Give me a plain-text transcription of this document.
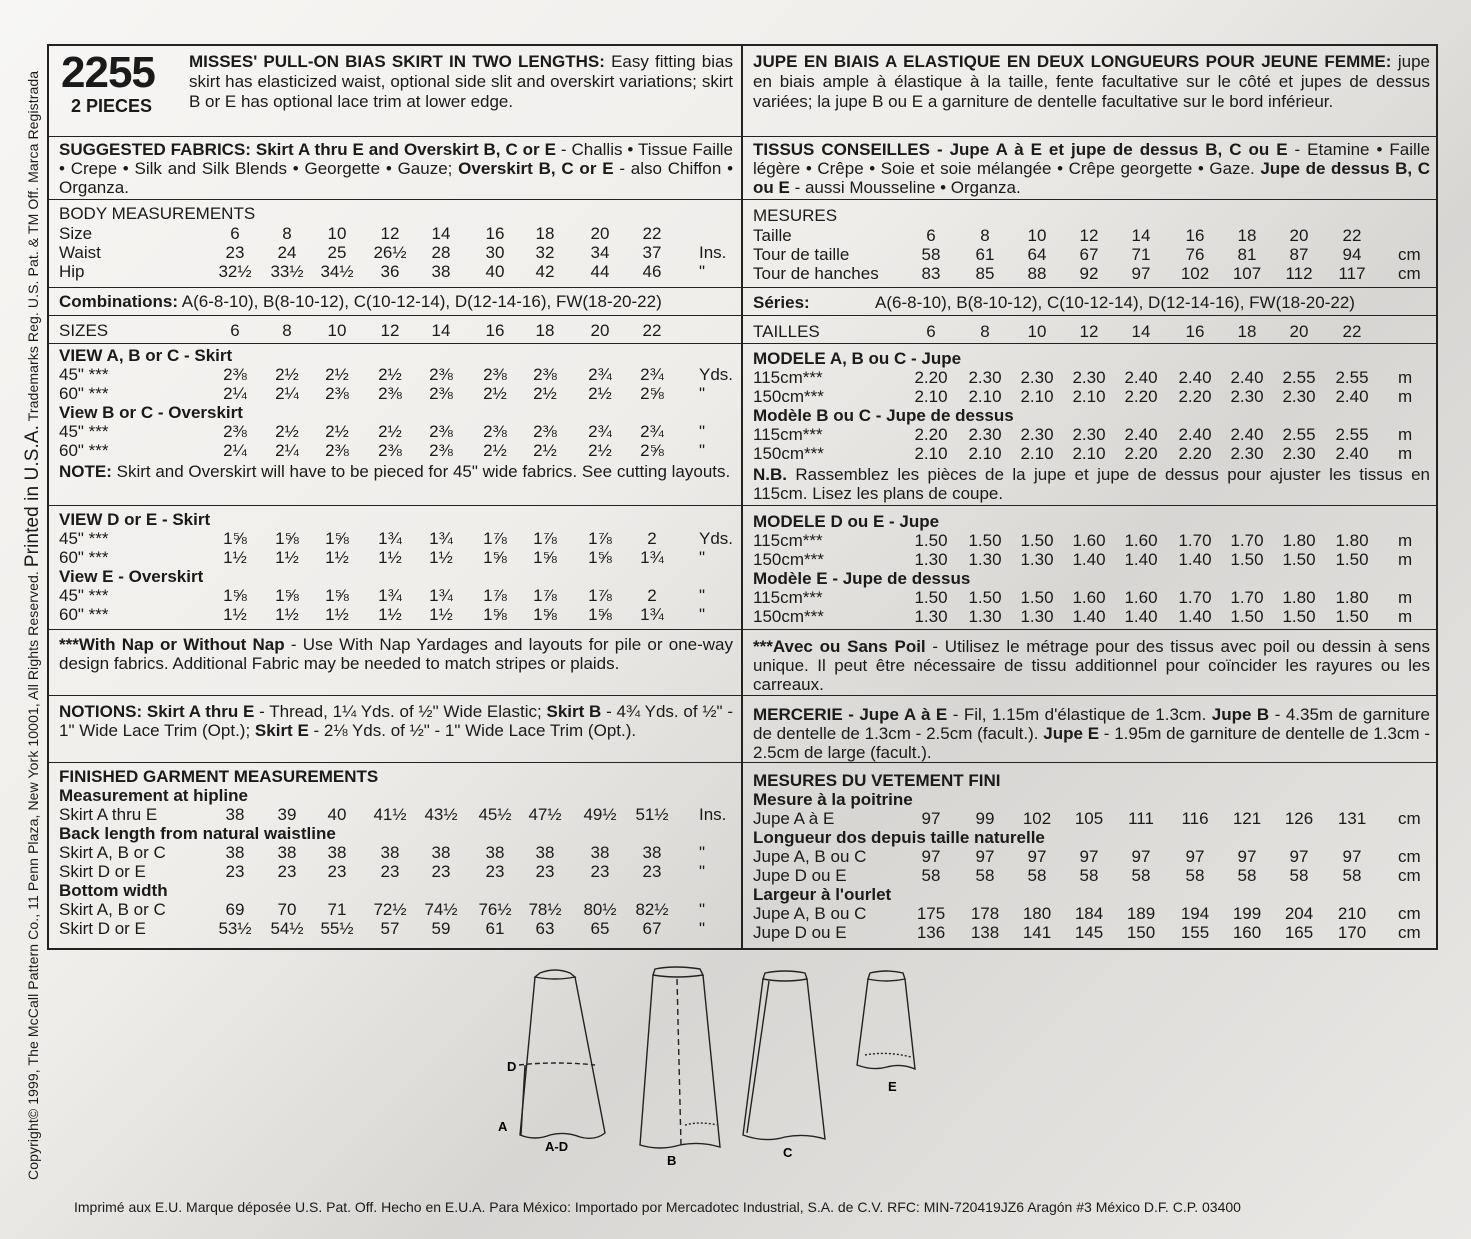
Copyright© 1999, The McCall Pattern Co., 11 Penn Plaza, New York 10001, All Rights Reserved. Printed in U.S.A. Trademarks Reg. U.S. Pat. & TM Off. Marca Registrada 2255
2 PIECES
MISSES' PULL-ON BIAS SKIRT IN TWO LENGTHS: Easy fitting bias skirt has elasticized waist, optional side slit and overskirt variations; skirt B or E has optional lace trim at lower edge.
SUGGESTED FABRICS: Skirt A thru E and Overskirt B, C or E - Challis • Tissue Faille • Crepe • Silk and Silk Blends • Georgette • Gauze; Overskirt B, C or E - also Chiffon • Organza.
BODY MEASUREMENTS
Size	6	8	10	12	14	16	18	20	22
Waist	23	24	25	26½	28	30	32	34	37	Ins.
Hip	32½ 33½ 34½	36	38	40	42	44	46	"
Combinations: A(6-8-10), B(8-10-12), C(10-12-14), D(12-14-16), FW(18-20-22)
SIZES	6	8	10	12	14	16	18	20	22
VIEW A, B or C - Skirt
45" ***	2⅜	2½	2½	2½	2⅜	2⅜	2⅜	2¾	2¾	Yds.
60" ***	2¼	2¼	2⅜	2⅜	2⅜	2½	2½	2½	2⅝	"
View B or C - Overskirt
45" ***	2⅜	2½	2½	2½	2⅜	2⅜	2⅜	2¾	2¾	"
60" ***	2¼	2¼	2⅜	2⅜	2⅜	2½	2½	2½	2⅝	"
NOTE: Skirt and Overskirt will have to be pieced for 45" wide fabrics. See cutting layouts.
VIEW D or E - Skirt
45" ***	1⅝	1⅝	1⅝	1¾	1¾	1⅞	1⅞	1⅞	2	Yds.
60" ***	1½	1½	1½	1½	1½	1⅝	1⅝	1⅝	1¾	"
View E - Overskirt
45" ***	1⅝	1⅝	1⅝	1¾	1¾	1⅞	1⅞	1⅞	2	"
60" ***	1½	1½	1½	1½	1½	1⅝	1⅝	1⅝	1¾	"
***With Nap or Without Nap - Use With Nap Yardages and layouts for pile or one-way design fabrics. Additional Fabric may be needed to match stripes or plaids.
NOTIONS: Skirt A thru E - Thread, 1¼ Yds. of ½" Wide Elastic; Skirt B - 4¾ Yds. of ½" - 1" Wide Lace Trim (Opt.); Skirt E - 2⅛ Yds. of ½" - 1" Wide Lace Trim (Opt.).
FINISHED GARMENT MEASUREMENTS
Measurement at hipline
Skirt A thru E	38	39	40	41½ 43½ 45½ 47½ 49½ 51½ Ins.
Back length from natural waistline
Skirt A, B or C	38	38	38	38	38	38	38	38	38	"
Skirt D or E	23	23	23	23	23	23	23	23	23	"
Bottom width
Skirt A, B or C	69	70	71	72½ 74½ 76½ 78½ 80½ 82½ "
Skirt D or E	53½ 54½ 55½	57	59	61	63	65	67	"
JUPE EN BIAIS A ELASTIQUE EN DEUX LONGUEURS POUR JEUNE FEMME: jupe en biais ample à élastique à la taille, fente facultative sur le côté et jupes de dessus variées; la jupe B ou E a garniture de dentelle facultative sur le bord inférieur.
TISSUS CONSEILLES - Jupe A à E et jupe de dessus B, C ou E - Etamine • Faille légère • Crêpe • Soie et soie mélangée • Crêpe georgette • Gaze. Jupe de dessus B, C ou E - aussi Mousseline • Organza.
MESURES
Taille	6	8	10	12	14	16	18	20	22
Tour de taille	58	61	64	67	71	76	81	87	94	cm
Tour de hanches	83	85	88	92	97	102	107	112	117	cm
Séries:	A(6-8-10), B(8-10-12), C(10-12-14), D(12-14-16), FW(18-20-22)
TAILLES	6	8	10	12	14	16	18	20	22
MODELE A, B ou C - Jupe
115cm***	2.20 2.30 2.30 2.30 2.40 2.40 2.40 2.55 2.55 m
150cm***	2.10 2.10 2.10 2.10 2.20 2.20 2.30 2.30 2.40 m
Modèle B ou C - Jupe de dessus
115cm***	2.20 2.30 2.30 2.30 2.40 2.40 2.40 2.55 2.55 m
150cm***	2.10 2.10 2.10 2.10 2.20 2.20 2.30 2.30 2.40 m
N.B. Rassemblez les pièces de la jupe et jupe de dessus pour ajuster les tissus en 115cm. Lisez les plans de coupe.
MODELE D ou E - Jupe
115cm***	1.50 1.50 1.50 1.60 1.60 1.70 1.70 1.80 1.80 m
150cm***	1.30 1.30 1.30 1.40 1.40 1.40 1.50 1.50 1.50 m
Modèle E - Jupe de dessus
115cm***	1.50 1.50 1.50 1.60 1.60 1.70 1.70 1.80 1.80 m
150cm***	1.30 1.30 1.30 1.40 1.40 1.40 1.50 1.50 1.50 m
***Avec ou Sans Poil - Utilisez le métrage pour des tissus avec poil ou dessin à sens unique. Il peut être nécessaire de tissu additionnel pour coïncider les rayures ou les carreaux.
MERCERIE - Jupe A à E - Fil, 1.15m d'élastique de 1.3cm. Jupe B - 4.35m de garniture de dentelle de 1.3cm - 2.5cm (facult.). Jupe E - 1.95m de garniture de dentelle de 1.3cm - 2.5cm de large (facult.).
MESURES DU VETEMENT FINI
Mesure à la poitrine
Jupe A à E	97	99	102	105	111	116	121	126	131	cm
Longueur dos depuis taille naturelle
Jupe A, B ou C	97	97	97	97	97	97	97	97	97	cm
Jupe D ou E	58	58	58	58	58	58	58	58	58	cm
Largeur à l'ourlet
Jupe A, B ou C	175	178	180	184	189	194	199	204	210	cm
Jupe D ou E	136	138	141	145	150	155	160	165	170	cm
D
A
A-D
B
C
E
Imprimé aux E.U. Marque déposée U.S. Pat. Off. Hecho en E.U.A. Para México: Importado por Mercadotec Industrial, S.A. de C.V. RFC: MIN-720419JZ6 Aragón #3 México D.F. C.P. 03400
